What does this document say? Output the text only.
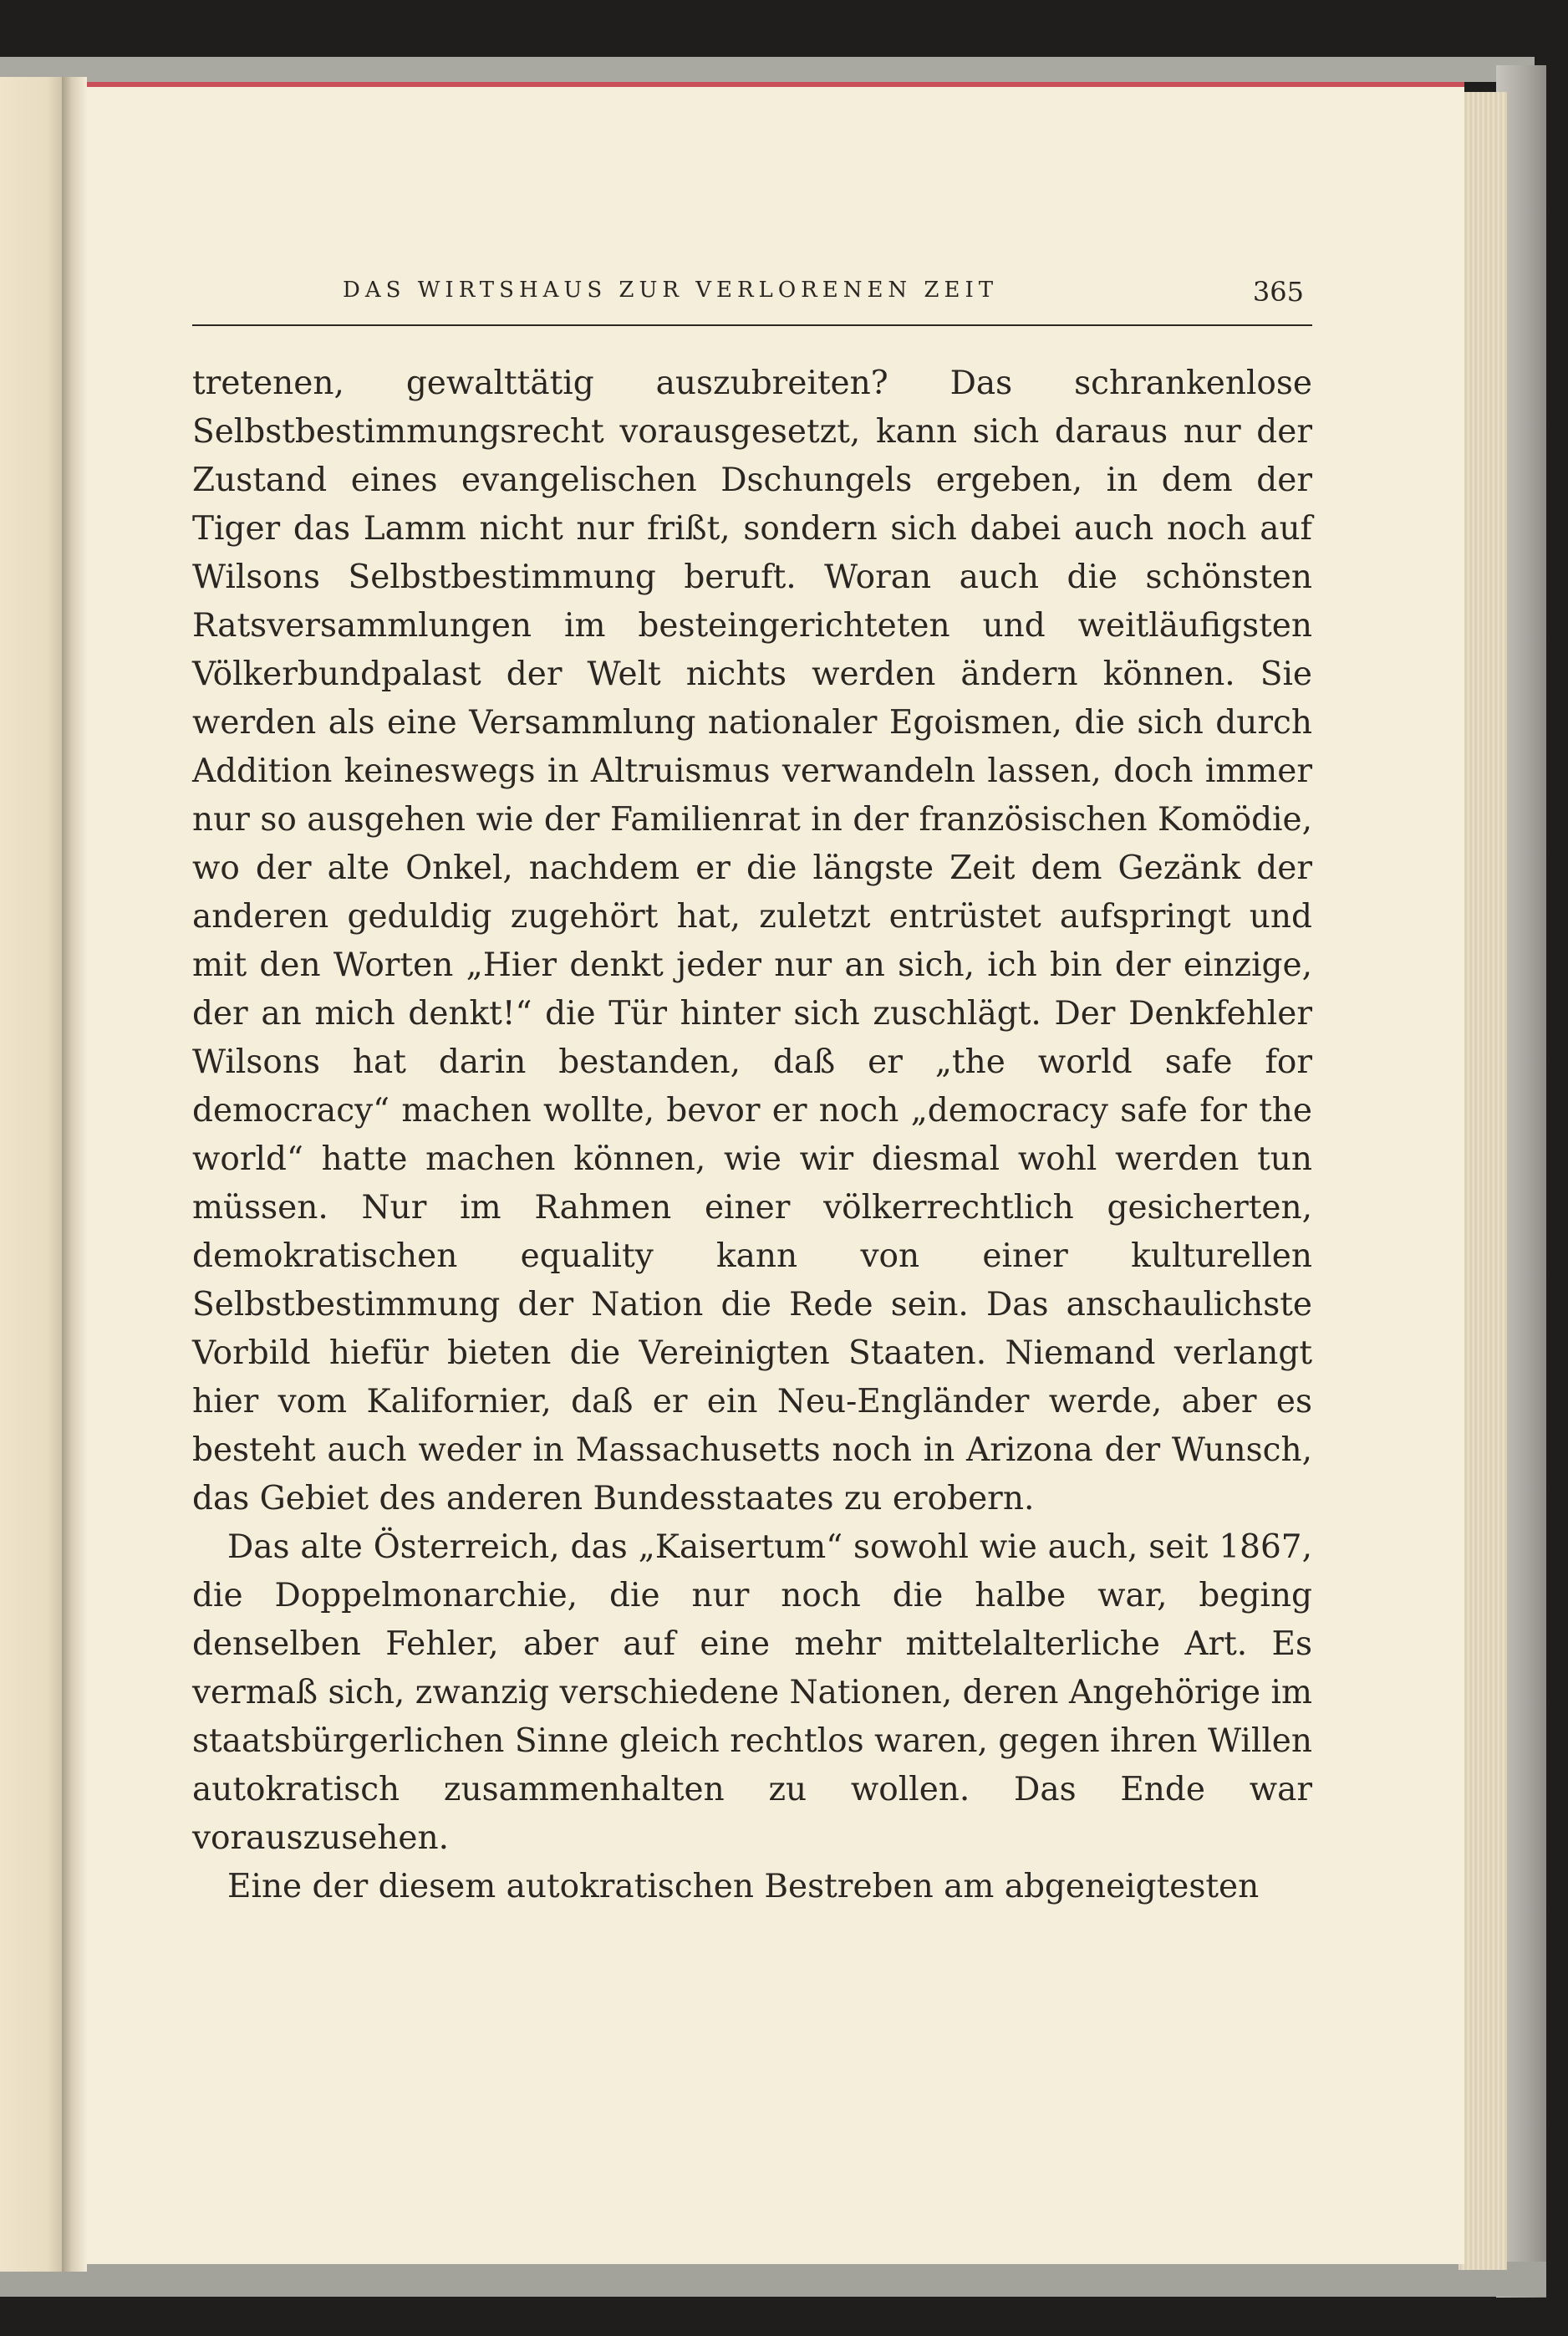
DAS WIRTSHAUS ZUR VERLORENEN ZEIT	365

tretenen, gewalttätig auszubreiten? Das schrankenlose Selbstbestimmungsrecht vorausgesetzt, kann sich daraus nur der Zustand eines evangelischen Dschungels ergeben, in dem der Tiger das Lamm nicht nur frißt, sondern sich dabei auch noch auf Wilsons Selbstbestimmung beruft. Woran auch die schönsten Ratsversammlungen im besteingerichteten und weitläufigsten Völkerbundpalast der Welt nichts werden ändern können. Sie werden als eine Versammlung nationaler Egoismen, die sich durch Addition keineswegs in Altruismus verwandeln lassen, doch immer nur so ausgehen wie der Familienrat in der französischen Komödie, wo der alte Onkel, nachdem er die längste Zeit dem Gezänk der anderen geduldig zugehört hat, zuletzt entrüstet aufspringt und mit den Worten „Hier denkt jeder nur an sich, ich bin der einzige, der an mich denkt!“ die Tür hinter sich zuschlägt. Der Denkfehler Wilsons hat darin bestanden, daß er „the world safe for democracy“ machen wollte, bevor er noch „democracy safe for the world“ hatte machen können, wie wir diesmal wohl werden tun müssen. Nur im Rahmen einer völkerrechtlich gesicherten, demokratischen equality kann von einer kulturellen Selbstbestimmung der Nation die Rede sein. Das anschaulichste Vorbild hiefür bieten die Vereinigten Staaten. Niemand verlangt hier vom Kalifornier, daß er ein Neu-Engländer werde, aber es besteht auch weder in Massachusetts noch in Arizona der Wunsch, das Gebiet des anderen Bundesstaates zu erobern.

Das alte Österreich, das „Kaisertum“ sowohl wie auch, seit 1867, die Doppelmonarchie, die nur noch die halbe war, beging denselben Fehler, aber auf eine mehr mittelalterliche Art. Es vermaß sich, zwanzig verschiedene Nationen, deren Angehörige im staatsbürgerlichen Sinne gleich rechtlos waren, gegen ihren Willen autokratisch zusammenhalten zu wollen. Das Ende war vorauszusehen.

Eine der diesem autokratischen Bestreben am abgeneigtesten
